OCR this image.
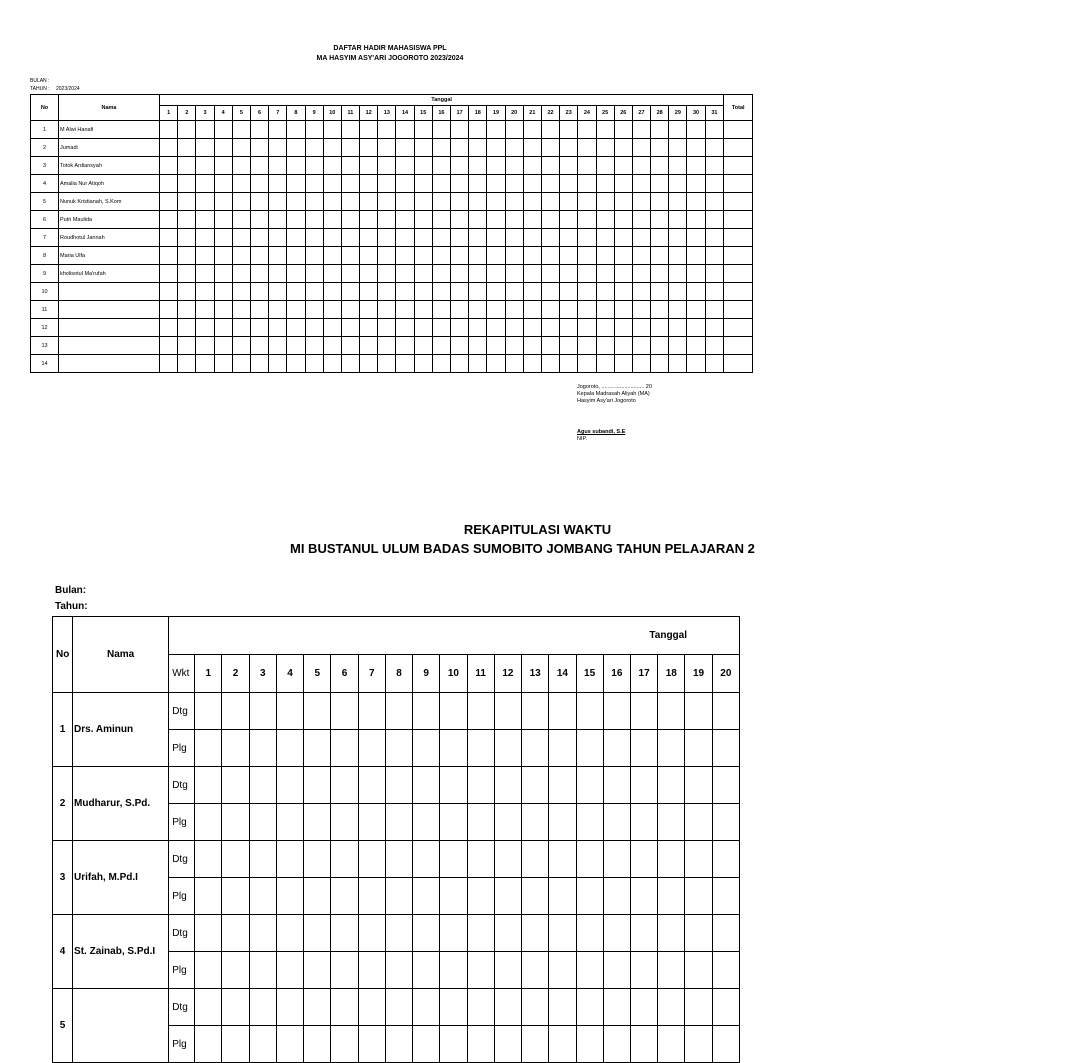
DAFTAR HADIR MAHASISWA PPL
MA HASYIM ASY'ARI JOGOROTO 2023/2024
BULAN :
TAHUN : 2023/2024
No	Nama	Tanggal																															Total
		1	2	3	4	5	6	7	8	9	10	11	12	13	14	15	16	17	18	19	20	21	22	23	24	25	26	27	28	29	30	31	
1	M Alwi Hanafi																																
2	Jumadi																																
3	Totok Ardiansyah																																
4	Amalia Nur Atiqoh																																
5	Nunuk Kristianah, S.Kom																																
6	Putri Maulida																																
7	Roudhotul Jannah																																
8	Maria Ulfa																																
9	kholisotul Ma'rufah																																
10																																	
11																																	
12																																	
13																																	
14																																	
Jogoroto, ............................ 20
Kepala Madrasah Aliyah (MA)
Hasyim Asy'ari Jogoroto
Agus subandi, S.E
NIP.
REKAPITULASI WAKTU
MI BUSTANUL ULUM BADAS SUMOBITO JOMBANG TAHUN PELAJARAN 2
Bulan:
Tahun:
No	Nama	Tanggal																				
		Wkt	1	2	3	4	5	6	7	8	9	10	11	12	13	14	15	16	17	18	19	20
1	Drs. Aminun	Dtg																				
		Plg																				
2	Mudharur, S.Pd.	Dtg																				
		Plg																				
3	Urifah, M.Pd.I	Dtg																				
		Plg																				
4	St. Zainab, S.Pd.I	Dtg																				
		Plg																				
5		Dtg																				
		Plg																				
